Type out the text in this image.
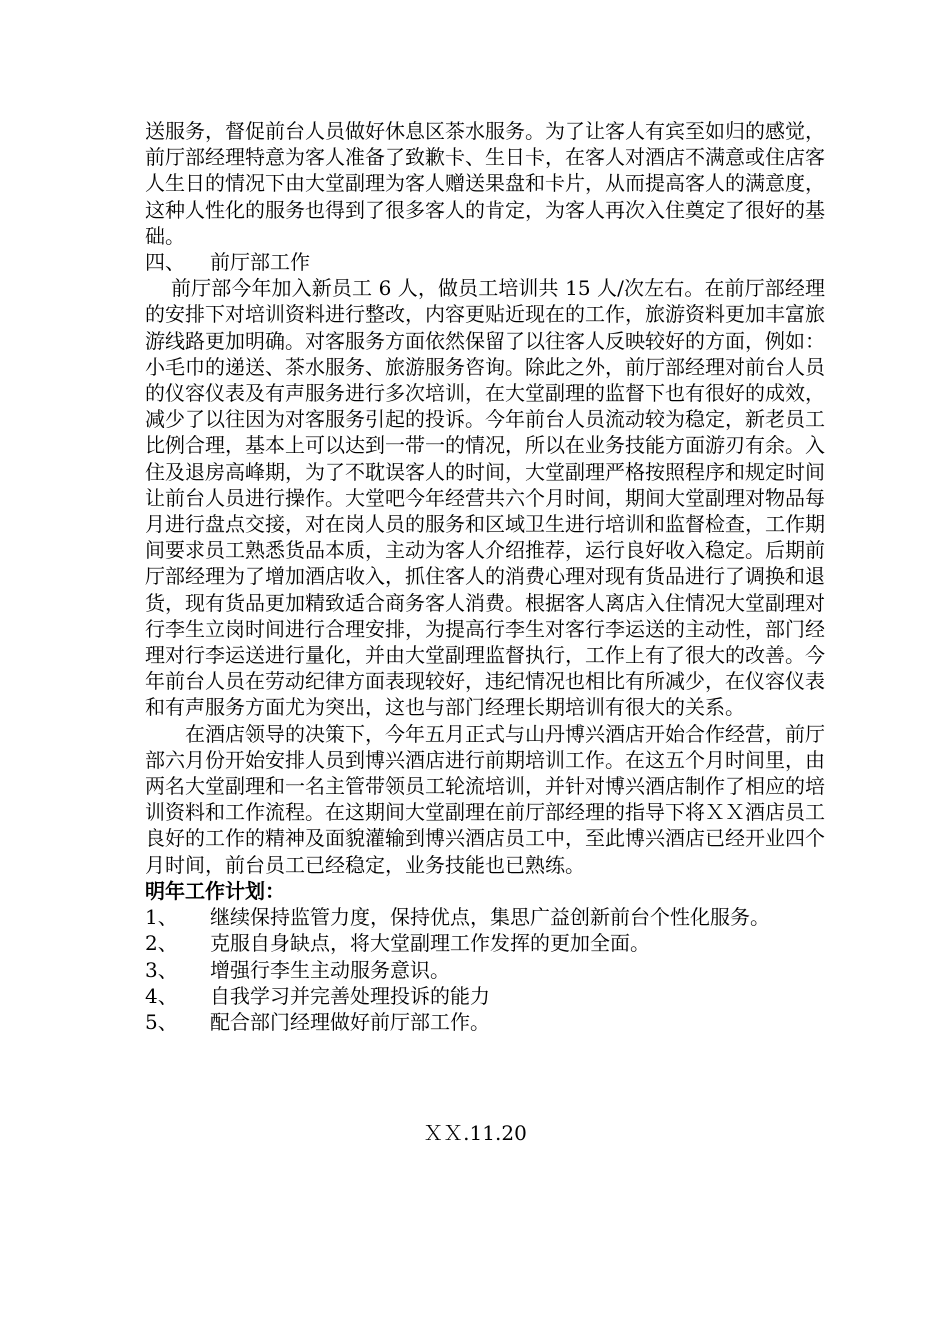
送服务，督促前台人员做好休息区茶水服务。为了让客人有宾至如归的感觉，前厅部经理特意为客人准备了致歉卡、生日卡，在客人对酒店不满意或住店客人生日的情况下由大堂副理为客人赠送果盘和卡片，从而提高客人的满意度，这种人性化的服务也得到了很多客人的肯定，为客人再次入住奠定了很好的基础。

四、 前厅部工作

前厅部今年加入新员工 6 人，做员工培训共 15 人/次左右。在前厅部经理的安排下对培训资料进行整改，内容更贴近现在的工作，旅游资料更加丰富旅游线路更加明确。对客服务方面依然保留了以往客人反映较好的方面，例如：小毛巾的递送、茶水服务、旅游服务咨询。除此之外，前厅部经理对前台人员的仪容仪表及有声服务进行多次培训，在大堂副理的监督下也有很好的成效，减少了以往因为对客服务引起的投诉。今年前台人员流动较为稳定，新老员工比例合理，基本上可以达到一带一的情况，所以在业务技能方面游刃有余。入住及退房高峰期，为了不耽误客人的时间，大堂副理严格按照程序和规定时间让前台人员进行操作。大堂吧今年经营共六个月时间，期间大堂副理对物品每月进行盘点交接，对在岗人员的服务和区域卫生进行培训和监督检查，工作期间要求员工熟悉货品本质，主动为客人介绍推荐，运行良好收入稳定。后期前厅部经理为了增加酒店收入，抓住客人的消费心理对现有货品进行了调换和退货，现有货品更加精致适合商务客人消费。根据客人离店入住情况大堂副理对行李生立岗时间进行合理安排，为提高行李生对客行李运送的主动性，部门经理对行李运送进行量化，并由大堂副理监督执行，工作上有了很大的改善。今年前台人员在劳动纪律方面表现较好，违纪情况也相比有所减少，在仪容仪表和有声服务方面尤为突出，这也与部门经理长期培训有很大的关系。

在酒店领导的决策下，今年五月正式与山丹博兴酒店开始合作经营，前厅部六月份开始安排人员到博兴酒店进行前期培训工作。在这五个月时间里，由两名大堂副理和一名主管带领员工轮流培训，并针对博兴酒店制作了相应的培训资料和工作流程。在这期间大堂副理在前厅部经理的指导下将ＸＸ酒店员工良好的工作的精神及面貌灌输到博兴酒店员工中，至此博兴酒店已经开业四个月时间，前台员工已经稳定，业务技能也已熟练。

明年工作计划：

1、 继续保持监管力度，保持优点，集思广益创新前台个性化服务。
2、 克服自身缺点，将大堂副理工作发挥的更加全面。
3、 增强行李生主动服务意识。
4、 自我学习并完善处理投诉的能力
5、 配合部门经理做好前厅部工作。
ＸＸ.11.20
